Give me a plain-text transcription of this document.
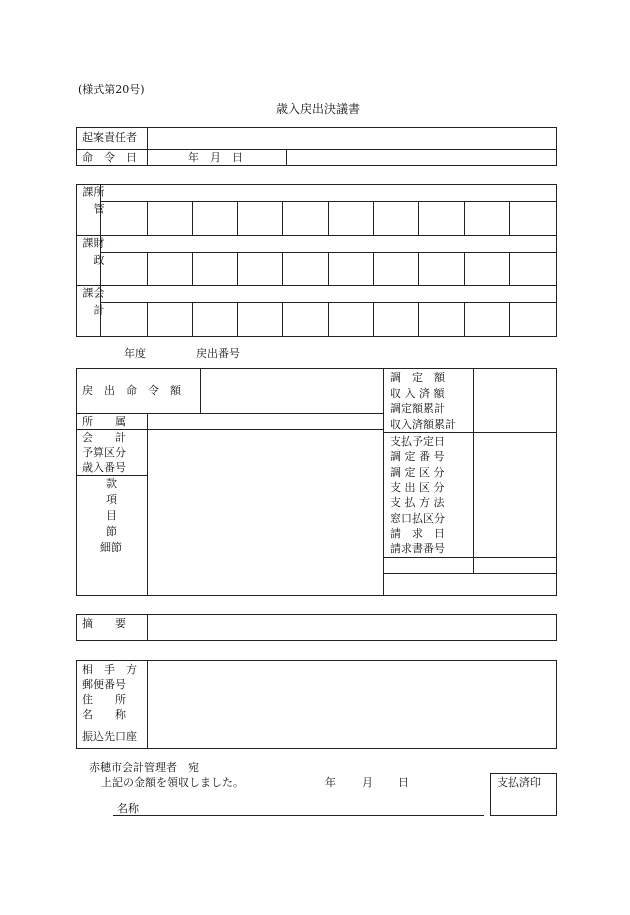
(様式第20号)
歳入戻出決議書
起案責任者
命　令　日	年　月　日
所管課
財政課
会計課
年度	戻出番号
戻　出　命　令　額
所　　属
会　　計
予算区分
歳入番号
款
項
目
節
細節
調　定　額
収 入 済 額
調定額累計
収入済額累計
支払予定日
調 定 番 号
調 定 区 分
支 出 区 分
支 払 方 法
窓口払区分
請　求　日
請求書番号
摘　　要
相　手　方
郵便番号
住　　所
名　　称
振込先口座
赤穂市会計管理者　宛
上記の金額を領収しました。	年 月 日
名称
支払済印
